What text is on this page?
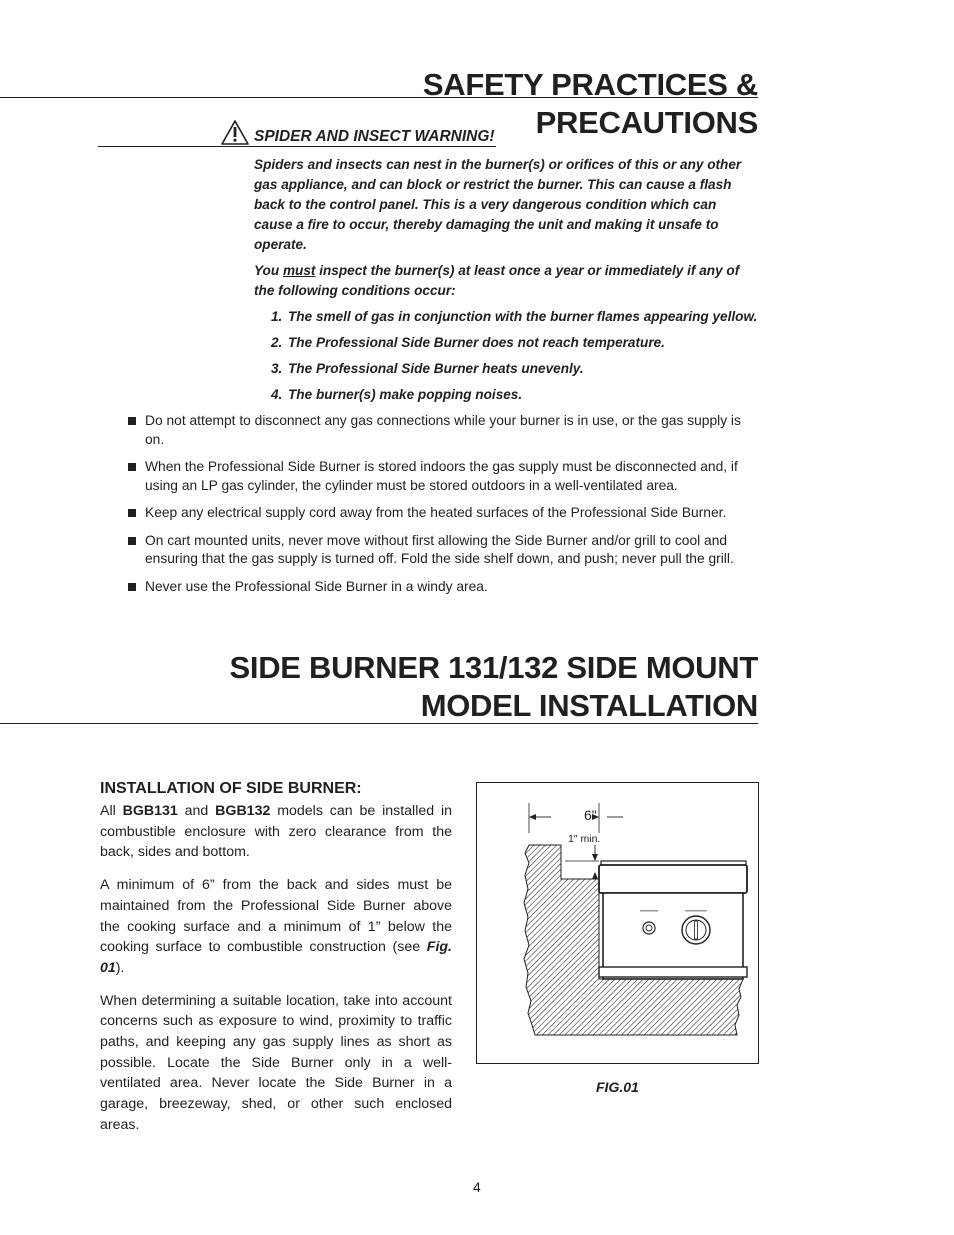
SAFETY PRACTICES & PRECAUTIONS
SPIDER AND INSECT WARNING!

Spiders and insects can nest in the burner(s) or orifices of this or any other gas appliance, and can block or restrict the burner. This can cause a flash back to the control panel. This is a very dangerous condition which can cause a fire to occur, thereby damaging the unit and making it unsafe to operate.

You must inspect the burner(s) at least once a year or immediately if any of the following conditions occur:

1. The smell of gas in conjunction with the burner flames appearing yellow.
2. The Professional Side Burner does not reach temperature.
3. The Professional Side Burner heats unevenly.
4. The burner(s) make popping noises.
Do not attempt to disconnect any gas connections while your burner is in use, or the gas supply is on.
When the Professional Side Burner is stored indoors the gas supply must be disconnected and, if using an LP gas cylinder, the cylinder must be stored outdoors in a well-ventilated area.
Keep any electrical supply cord away from the heated surfaces of the Professional Side Burner.
On cart mounted units, never move without first allowing the Side Burner and/or grill to cool and ensuring that the gas supply is turned off. Fold the side shelf down, and push; never pull the grill.
Never use the Professional Side Burner in a windy area.
SIDE BURNER 131/132 SIDE MOUNT
MODEL INSTALLATION
INSTALLATION OF SIDE BURNER:

All BGB131 and BGB132 models can be installed in combustible enclosure with zero clearance from the back, sides and bottom.

A minimum of 6” from the back and sides must be maintained from the Professional Side Burner above the cooking surface and a minimum of 1” below the cooking surface to combustible construction (see Fig. 01).

When determining a suitable location, take into account concerns such as exposure to wind, proximity to traffic paths, and keeping any gas supply lines as short as possible. Locate the Side Burner only in a well-ventilated area. Never locate the Side Burner in a garage, breezeway, shed, or other such enclosed areas.

6"
1" min.
FIG.01
4
